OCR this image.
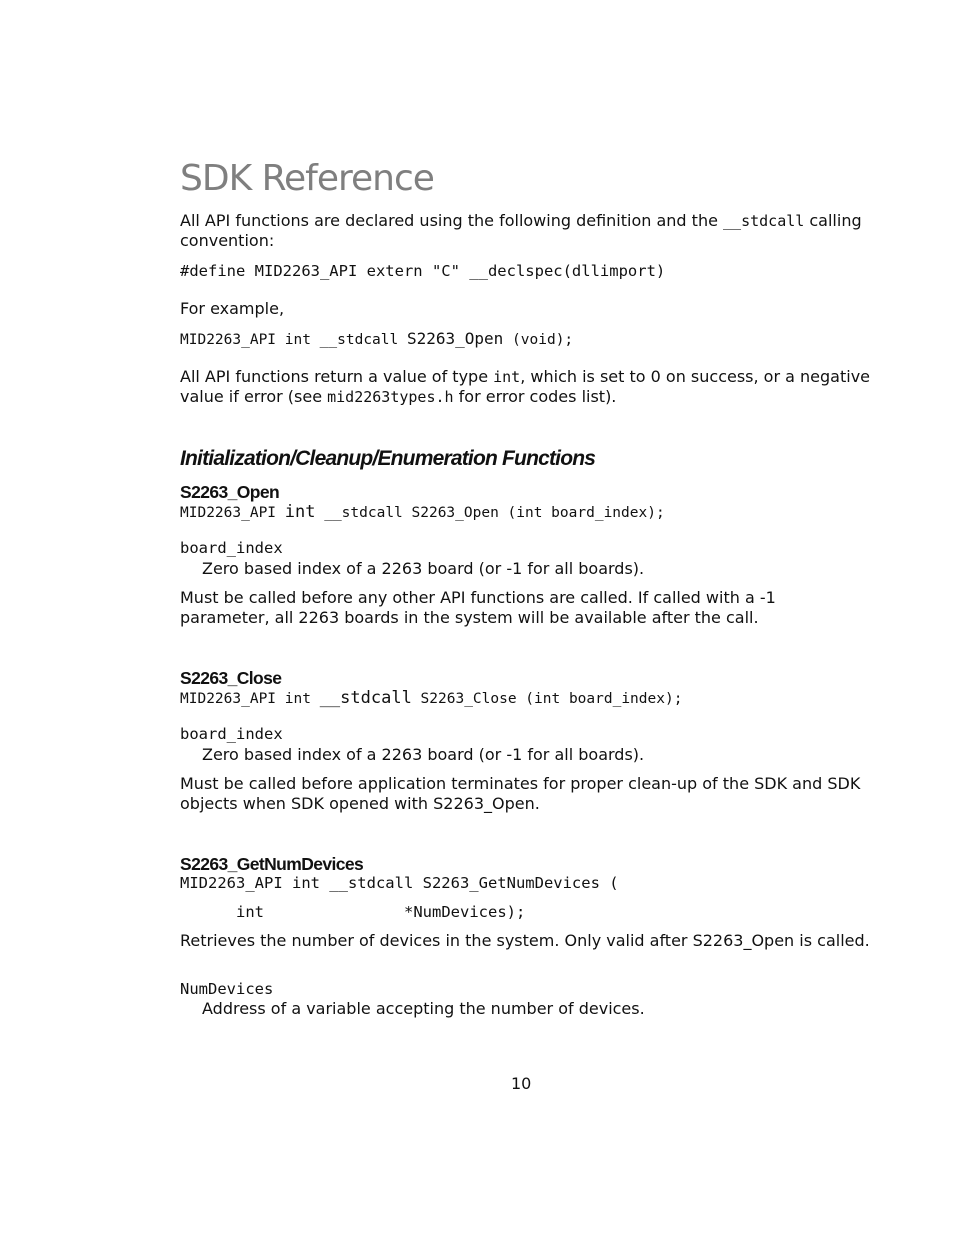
SDK Reference
All API functions are declared using the following definition and the __stdcall calling convention:
#define MID2263_API extern "C" __declspec(dllimport)
For example,
MID2263_API int __stdcall S2263_Open (void);
All API functions return a value of type int, which is set to 0 on success, or a negative value if error (see mid2263types.h for error codes list).
Initialization/Cleanup/Enumeration Functions
S2263_Open
MID2263_API int __stdcall S2263_Open (int board_index);
board_index
Zero based index of a 2263 board (or -1 for all boards).
Must be called before any other API functions are called. If called with a -1 parameter, all 2263 boards in the system will be available after the call.
S2263_Close
MID2263_API int __stdcall S2263_Close (int board_index);
board_index
Zero based index of a 2263 board (or -1 for all boards).
Must be called before application terminates for proper clean-up of the SDK and SDK objects when SDK opened with S2263_Open.
S2263_GetNumDevices
MID2263_API int __stdcall S2263_GetNumDevices (
int	*NumDevices);
Retrieves the number of devices in the system. Only valid after S2263_Open is called.
NumDevices
Address of a variable accepting the number of devices.
10
